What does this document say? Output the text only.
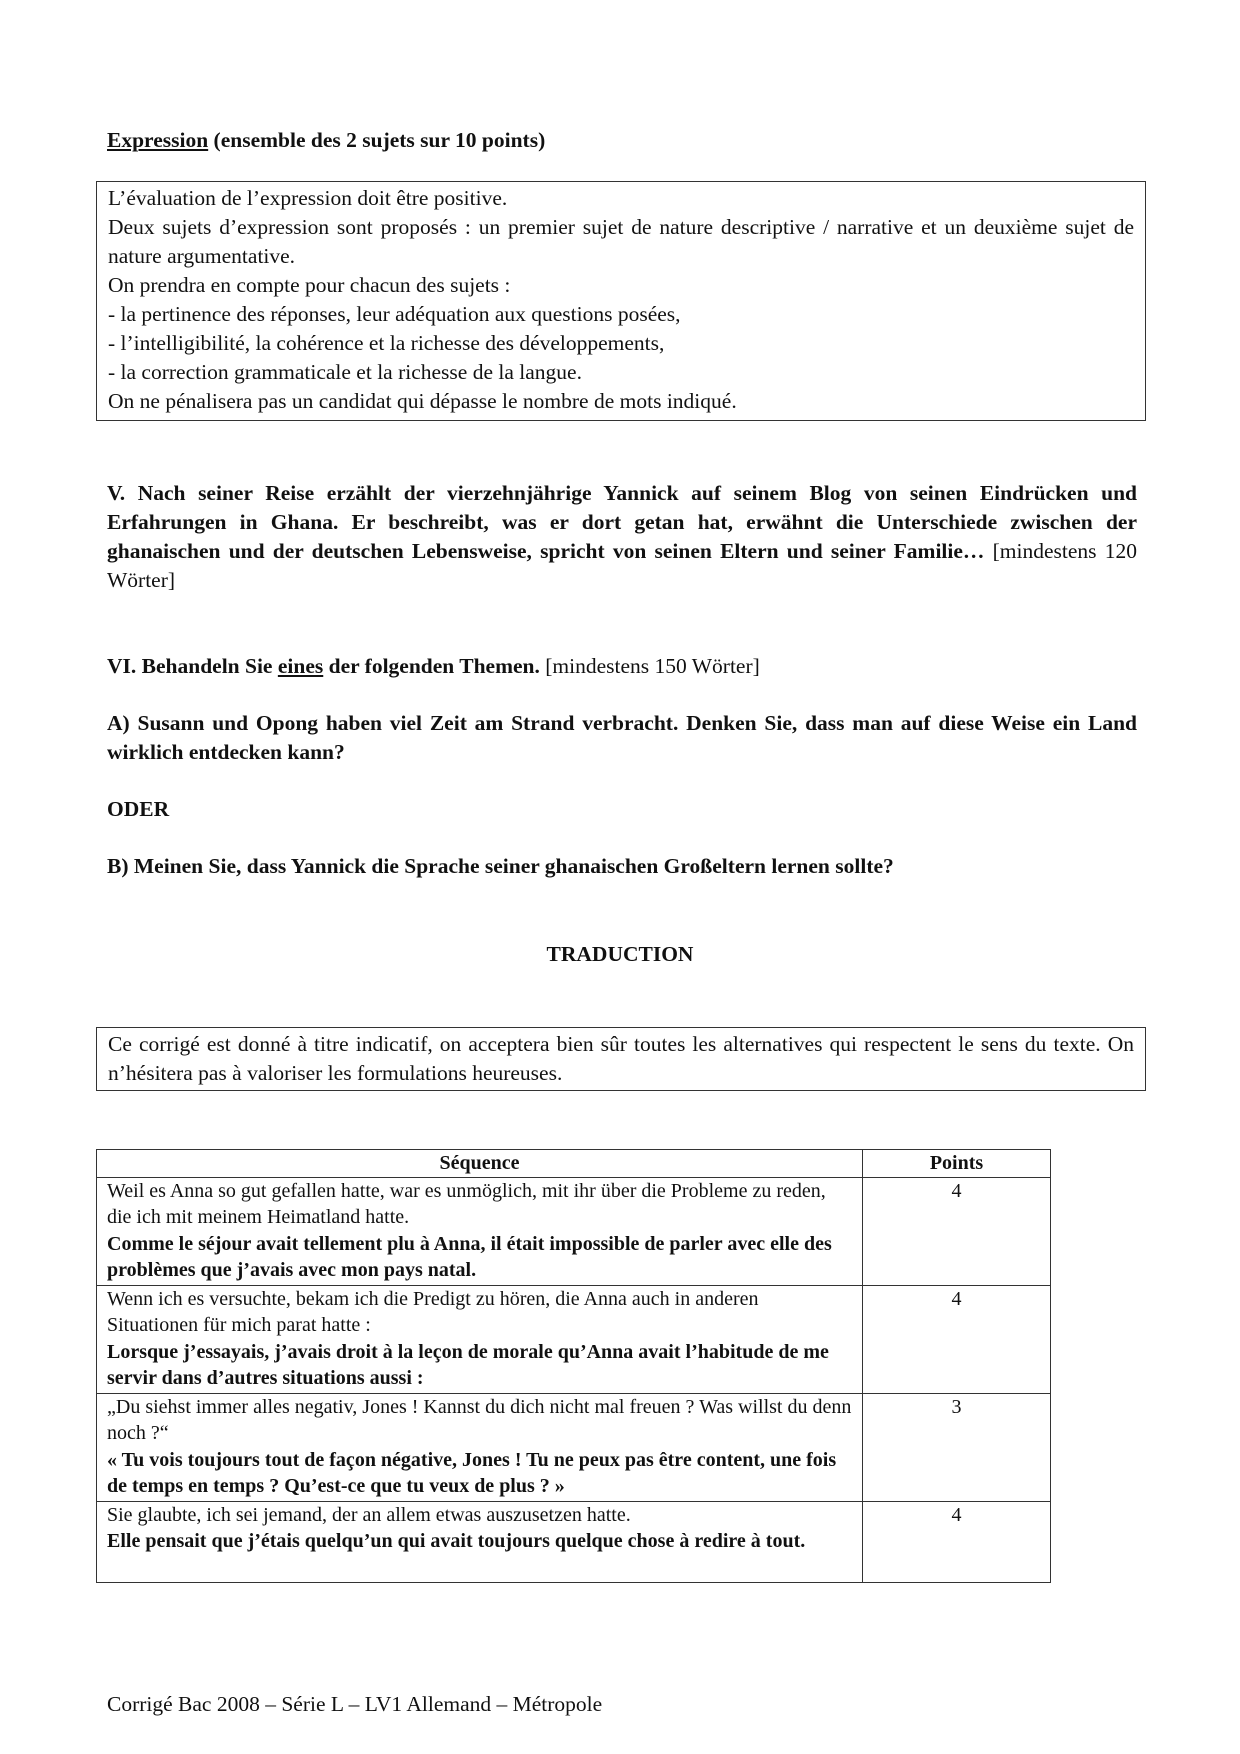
Expression (ensemble des 2 sujets sur 10 points)
L’évaluation de l’expression doit être positive.
Deux sujets d’expression sont proposés : un premier sujet de nature descriptive / narrative et un deuxième sujet de nature argumentative.
On prendra en compte pour chacun des sujets :
- la pertinence des réponses, leur adéquation aux questions posées,
- l’intelligibilité, la cohérence et la richesse des développements,
- la correction grammaticale et la richesse de la langue.
On ne pénalisera pas un candidat qui dépasse le nombre de mots indiqué.
V. Nach seiner Reise erzählt der vierzehnjährige Yannick auf seinem Blog von seinen Eindrücken und Erfahrungen in Ghana. Er beschreibt, was er dort getan hat, erwähnt die Unterschiede zwischen der ghanaischen und der deutschen Lebensweise, spricht von seinen Eltern und seiner Familie… [mindestens 120 Wörter]
VI. Behandeln Sie eines der folgenden Themen. [mindestens 150 Wörter]
A) Susann und Opong haben viel Zeit am Strand verbracht. Denken Sie, dass man auf diese Weise ein Land wirklich entdecken kann?
ODER
B) Meinen Sie, dass Yannick die Sprache seiner ghanaischen Großeltern lernen sollte?
TRADUCTION
Ce corrigé est donné à titre indicatif, on acceptera bien sûr toutes les alternatives qui respectent le sens du texte. On n’hésitera pas à valoriser les formulations heureuses.
Séquence	Points

Weil es Anna so gut gefallen hatte, war es unmöglich, mit ihr über die Probleme zu reden, die ich mit meinem Heimatland hatte.
Comme le séjour avait tellement plu à Anna, il était impossible de parler avec elle des problèmes que j’avais avec mon pays natal.	4

Wenn ich es versuchte, bekam ich die Predigt zu hören, die Anna auch in anderen Situationen für mich parat hatte :
Lorsque j’essayais, j’avais droit à la leçon de morale qu’Anna avait l’habitude de me servir dans d’autres situations aussi :	4

„Du siehst immer alles negativ, Jones ! Kannst du dich nicht mal freuen ? Was willst du denn noch ?“
« Tu vois toujours tout de façon négative, Jones ! Tu ne peux pas être content, une fois de temps en temps ? Qu’est-ce que tu veux de plus ? »	3

Sie glaubte, ich sei jemand, der an allem etwas auszusetzen hatte.
Elle pensait que j’étais quelqu’un qui avait toujours quelque chose à redire à tout.	4
Corrigé Bac 2008 – Série L – LV1 Allemand – Métropole
